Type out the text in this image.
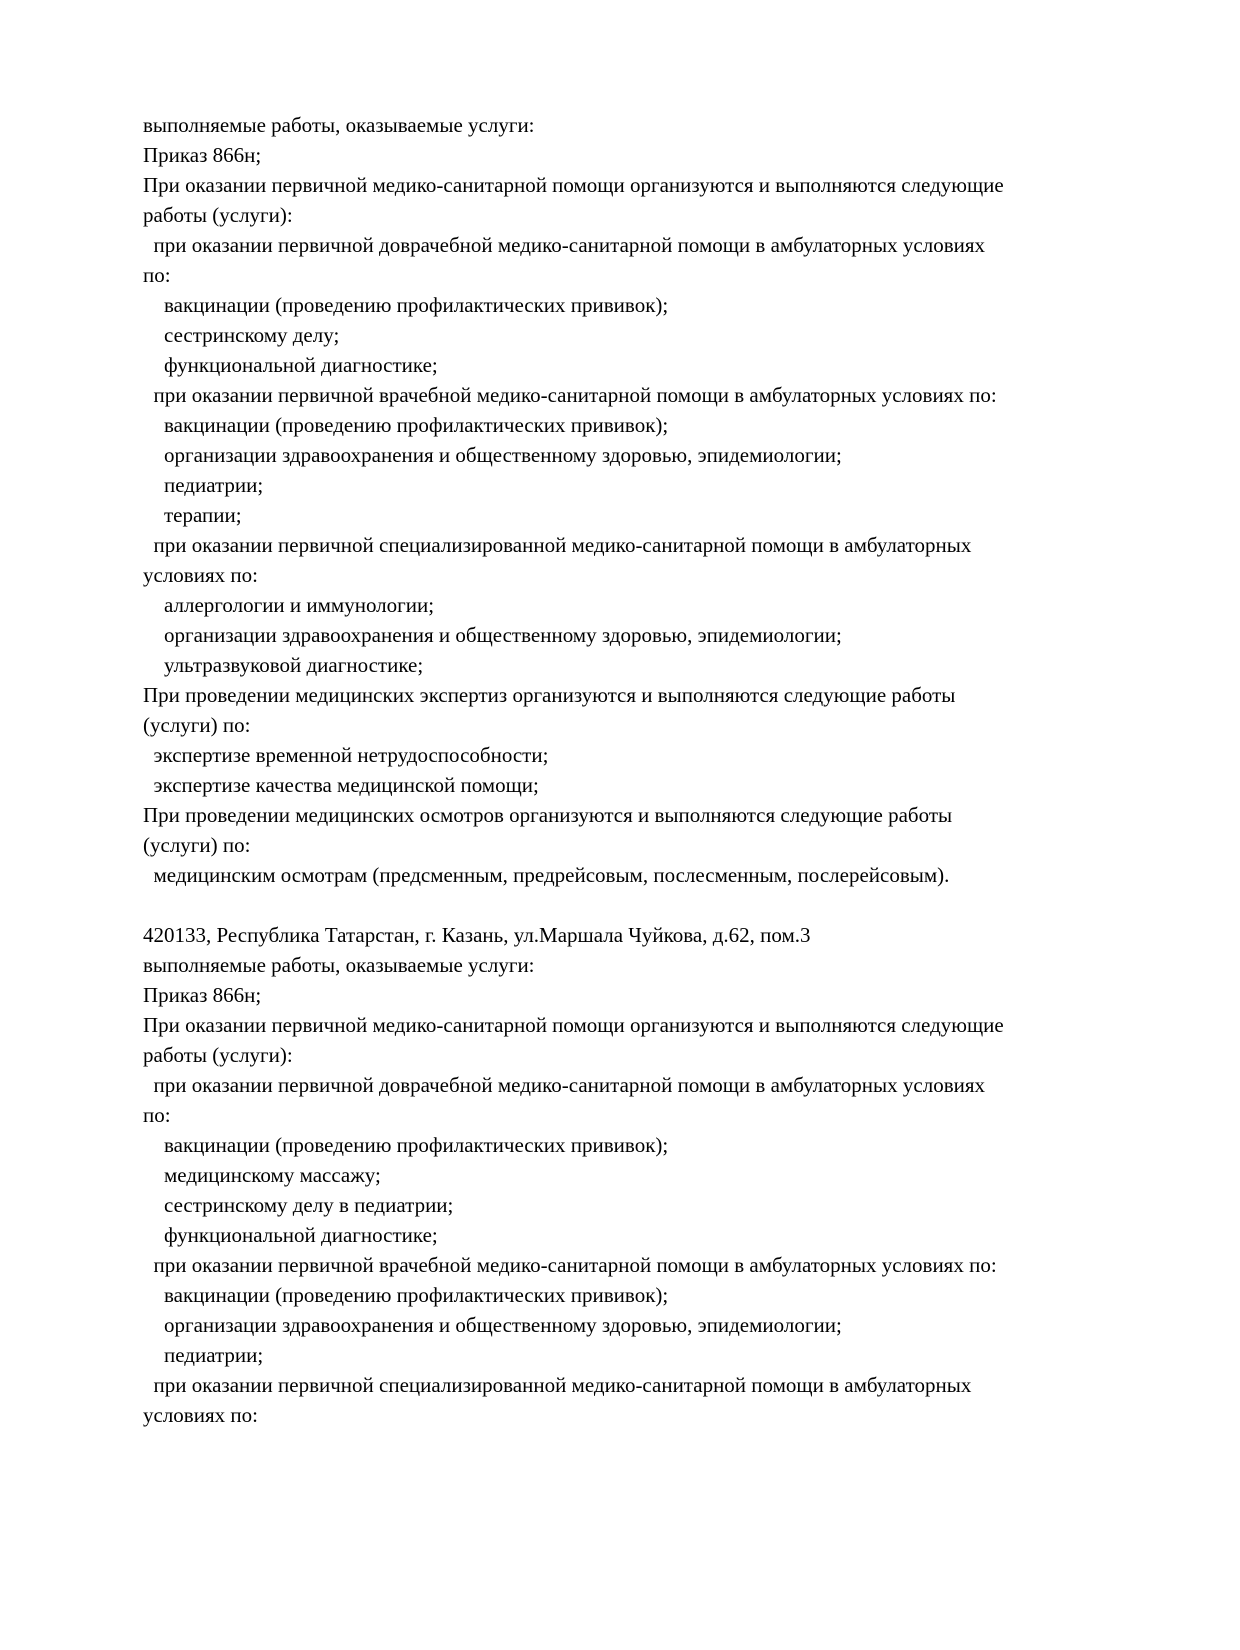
выполняемые работы, оказываемые услуги:
Приказ 866н;
При оказании первичной медико-санитарной помощи организуются и выполняются следующие
работы (услуги):
при оказании первичной доврачебной медико-санитарной помощи в амбулаторных условиях
по:
вакцинации (проведению профилактических прививок);
сестринскому делу;
функциональной диагностике;
при оказании первичной врачебной медико-санитарной помощи в амбулаторных условиях по:
вакцинации (проведению профилактических прививок);
организации здравоохранения и общественному здоровью, эпидемиологии;
педиатрии;
терапии;
при оказании первичной специализированной медико-санитарной помощи в амбулаторных
условиях по:
аллергологии и иммунологии;
организации здравоохранения и общественному здоровью, эпидемиологии;
ультразвуковой диагностике;
При проведении медицинских экспертиз организуются и выполняются следующие работы
(услуги) по:
экспертизе временной нетрудоспособности;
экспертизе качества медицинской помощи;
При проведении медицинских осмотров организуются и выполняются следующие работы
(услуги) по:
медицинским осмотрам (предсменным, предрейсовым, послесменным, послерейсовым).
420133, Республика Татарстан, г. Казань, ул.Маршала Чуйкова, д.62, пом.3
выполняемые работы, оказываемые услуги:
Приказ 866н;
При оказании первичной медико-санитарной помощи организуются и выполняются следующие
работы (услуги):
при оказании первичной доврачебной медико-санитарной помощи в амбулаторных условиях
по:
вакцинации (проведению профилактических прививок);
медицинскому массажу;
сестринскому делу в педиатрии;
функциональной диагностике;
при оказании первичной врачебной медико-санитарной помощи в амбулаторных условиях по:
вакцинации (проведению профилактических прививок);
организации здравоохранения и общественному здоровью, эпидемиологии;
педиатрии;
при оказании первичной специализированной медико-санитарной помощи в амбулаторных
условиях по:
